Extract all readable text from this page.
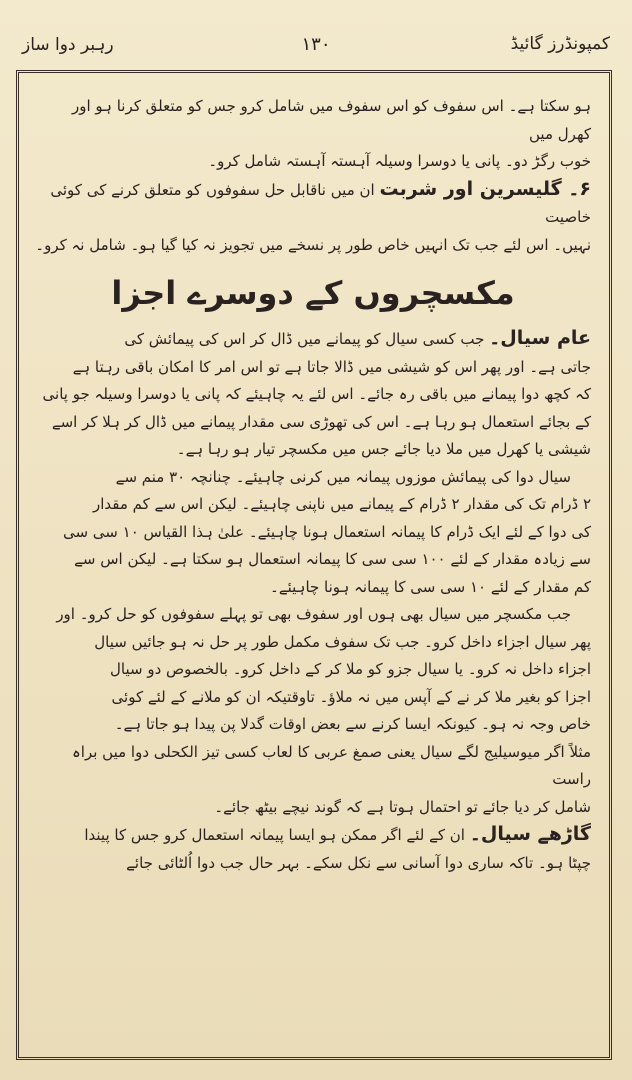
کمپونڈرز گائیڈ
۱۳۰
رہبر دوا ساز

ہو سکتا ہے۔ اس سفوف کو اس سفوف میں شامل کرو جس کو متعلق کرنا ہو اور کھرل میں

خوب رگڑ دو۔ پانی یا دوسرا وسیلہ آہستہ آہستہ شامل کرو۔

۶۔ گلیسرین اور شربت ان میں ناقابل حل سفوفوں کو متعلق کرنے کی کوئی خاصیت

نہیں۔ اس لئے جب تک انہیں خاص طور پر نسخے میں تجویز نہ کیا گیا ہو۔ شامل نہ کرو۔

مکسچروں کے دوسرے اجزا

عام سیال۔ جب کسی سیال کو پیمانے میں ڈال کر اس کی پیمائش کی

جاتی ہے۔ اور پھر اس کو شیشی میں ڈالا جاتا ہے تو اس امر کا امکان باقی رہتا ہے

کہ کچھ دوا پیمانے میں باقی رہ جائے۔ اس لئے یہ چاہیئے کہ پانی یا دوسرا وسیلہ جو پانی

کے بجائے استعمال ہو رہا ہے۔ اس کی تھوڑی سی مقدار پیمانے میں ڈال کر ہلا کر اسے

شیشی یا کھرل میں ملا دیا جائے جس میں مکسچر تیار ہو رہا ہے۔

سیال دوا کی پیمائش موزوں پیمانہ میں کرنی چاہیئے۔ چنانچہ ۳۰ منم سے

۲ ڈرام تک کی مقدار ۲ ڈرام کے پیمانے میں ناپنی چاہیئے۔ لیکن اس سے کم مقدار

کی دوا کے لئے ایک ڈرام کا پیمانہ استعمال ہونا چاہیئے۔ علیٰ ہذا القیاس ۱۰ سی سی

سے زیادہ مقدار کے لئے ۱۰۰ سی سی کا پیمانہ استعمال ہو سکتا ہے۔ لیکن اس سے

کم مقدار کے لئے ۱۰ سی سی کا پیمانہ ہونا چاہیئے۔

جب مکسچر میں سیال بھی ہوں اور سفوف بھی تو پہلے سفوفوں کو حل کرو۔ اور

پھر سیال اجزاء داخل کرو۔ جب تک سفوف مکمل طور پر حل نہ ہو جائیں سیال

اجزاء داخل نہ کرو۔ یا سیال جزو کو ملا کر کے داخل کرو۔ بالخصوص دو سیال

اجزا کو بغیر ملا کر نے کے آپس میں نہ ملاؤ۔ تاوقتیکہ ان کو ملانے کے لئے کوئی

خاص وجہ نہ ہو۔ کیونکہ ایسا کرنے سے بعض اوقات گدلا پن پیدا ہو جاتا ہے۔

مثلاً اگر میوسیلیج لگے سیال یعنی صمغ عربی کا لعاب کسی تیز الکحلی دوا میں براہ راست

شامل کر دیا جائے تو احتمال ہوتا ہے کہ گوند نیچے بیٹھ جائے۔

گاڑھے سیال۔ ان کے لئے اگر ممکن ہو ایسا پیمانہ استعمال کرو جس کا پیندا

چپٹا ہو۔ تاکہ ساری دوا آسانی سے نکل سکے۔ بہر حال جب دوا اُلٹائی جائے
